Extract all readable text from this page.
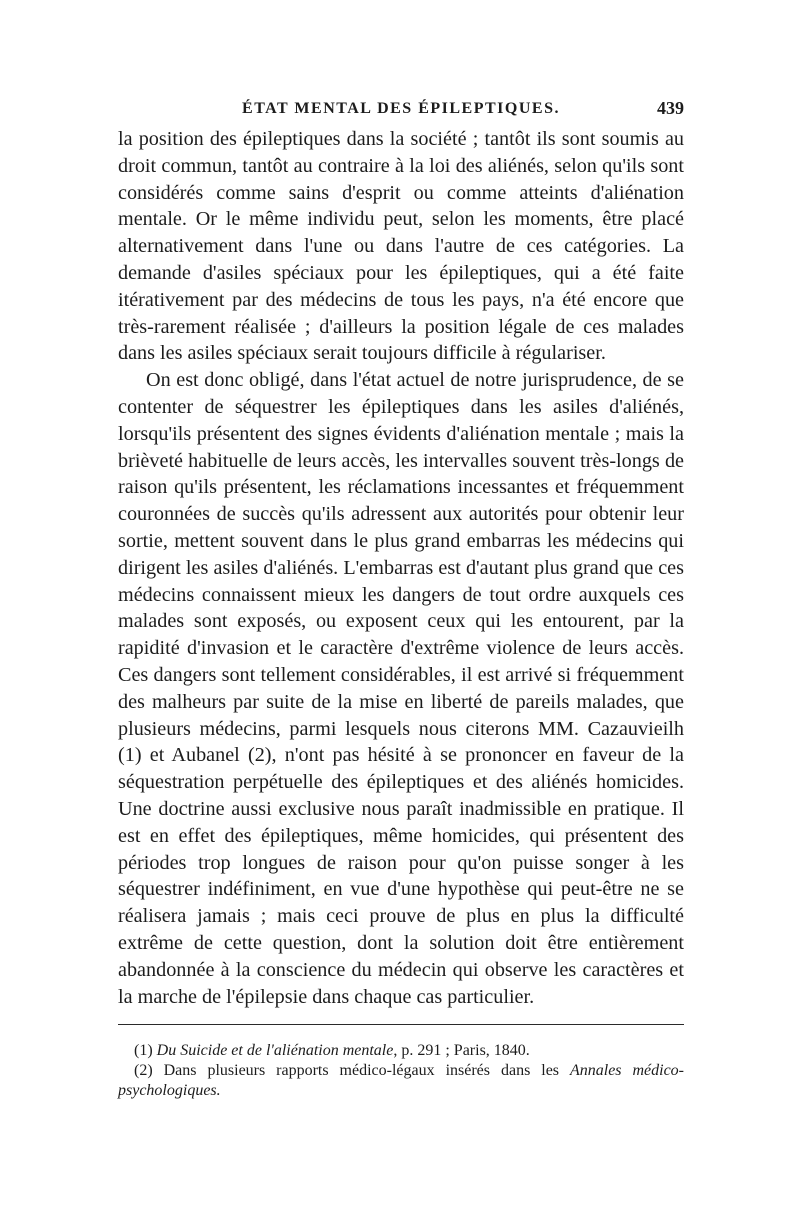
ÉTAT MENTAL DES ÉPILEPTIQUES.	439

la position des épileptiques dans la société ; tantôt ils sont soumis au droit commun, tantôt au contraire à la loi des aliénés, selon qu'ils sont considérés comme sains d'esprit ou comme atteints d'aliénation mentale. Or le même individu peut, selon les moments, être placé alternativement dans l'une ou dans l'autre de ces catégories. La demande d'asiles spéciaux pour les épileptiques, qui a été faite itérativement par des médecins de tous les pays, n'a été encore que très-rarement réalisée ; d'ailleurs la position légale de ces malades dans les asiles spéciaux serait toujours difficile à régulariser.

On est donc obligé, dans l'état actuel de notre jurisprudence, de se contenter de séquestrer les épileptiques dans les asiles d'aliénés, lorsqu'ils présentent des signes évidents d'aliénation mentale ; mais la brièveté habituelle de leurs accès, les intervalles souvent très-longs de raison qu'ils présentent, les réclamations incessantes et fréquemment couronnées de succès qu'ils adressent aux autorités pour obtenir leur sortie, mettent souvent dans le plus grand embarras les médecins qui dirigent les asiles d'aliénés. L'embarras est d'autant plus grand que ces médecins connaissent mieux les dangers de tout ordre auxquels ces malades sont exposés, ou exposent ceux qui les entourent, par la rapidité d'invasion et le caractère d'extrême violence de leurs accès. Ces dangers sont tellement considérables, il est arrivé si fréquemment des malheurs par suite de la mise en liberté de pareils malades, que plusieurs médecins, parmi lesquels nous citerons MM. Cazauvieilh (1) et Aubanel (2), n'ont pas hésité à se prononcer en faveur de la séquestration perpétuelle des épileptiques et des aliénés homicides. Une doctrine aussi exclusive nous paraît inadmissible en pratique. Il est en effet des épileptiques, même homicides, qui présentent des périodes trop longues de raison pour qu'on puisse songer à les séquestrer indéfiniment, en vue d'une hypothèse qui peut-être ne se réalisera jamais ; mais ceci prouve de plus en plus la difficulté extrême de cette question, dont la solution doit être entièrement abandonnée à la conscience du médecin qui observe les caractères et la marche de l'épilepsie dans chaque cas particulier.

(1) Du Suicide et de l'aliénation mentale, p. 291 ; Paris, 1840.

(2) Dans plusieurs rapports médico-légaux insérés dans les Annales médico-psychologiques.
